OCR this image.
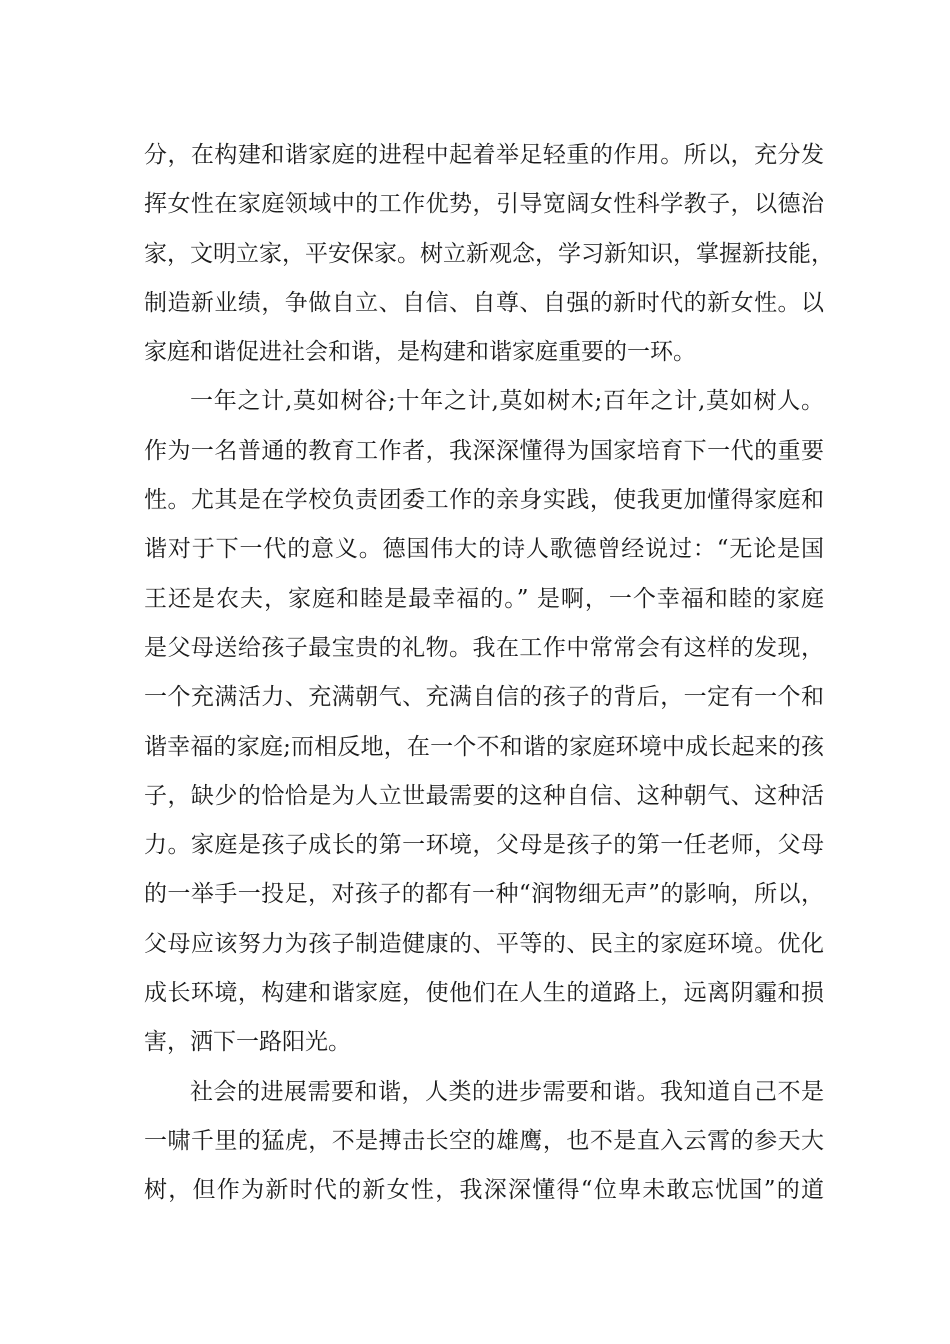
分，在构建和谐家庭的进程中起着举足轻重的作用。所以，充分发
挥女性在家庭领域中的工作优势，引导宽阔女性科学教子，以德治
家，文明立家，平安保家。树立新观念，学习新知识，掌握新技能，
制造新业绩，争做自立、自信、自尊、自强的新时代的新女性。以
家庭和谐促进社会和谐，是构建和谐家庭重要的一环。
一年之计,莫如树谷;十年之计,莫如树木;百年之计,莫如树人。
作为一名普通的教育工作者，我深深懂得为国家培育下一代的重要
性。尤其是在学校负责团委工作的亲身实践，使我更加懂得家庭和
谐对于下一代的意义。德国伟大的诗人歌德曾经说过：“无论是国
王还是农夫，家庭和睦是最幸福的。” 是啊，一个幸福和睦的家庭
是父母送给孩子最宝贵的礼物。我在工作中常常会有这样的发现，
一个充满活力、充满朝气、充满自信的孩子的背后，一定有一个和
谐幸福的家庭;而相反地，在一个不和谐的家庭环境中成长起来的孩
子，缺少的恰恰是为人立世最需要的这种自信、这种朝气、这种活
力。家庭是孩子成长的第一环境，父母是孩子的第一任老师，父母
的一举手一投足，对孩子的都有一种“润物细无声”的影响，所以，
父母应该努力为孩子制造健康的、平等的、民主的家庭环境。优化
成长环境，构建和谐家庭，使他们在人生的道路上，远离阴霾和损
害，洒下一路阳光。
社会的进展需要和谐，人类的进步需要和谐。我知道自己不是
一啸千里的猛虎，不是搏击长空的雄鹰，也不是直入云霄的参天大
树，但作为新时代的新女性，我深深懂得“位卑未敢忘忧国”的道
